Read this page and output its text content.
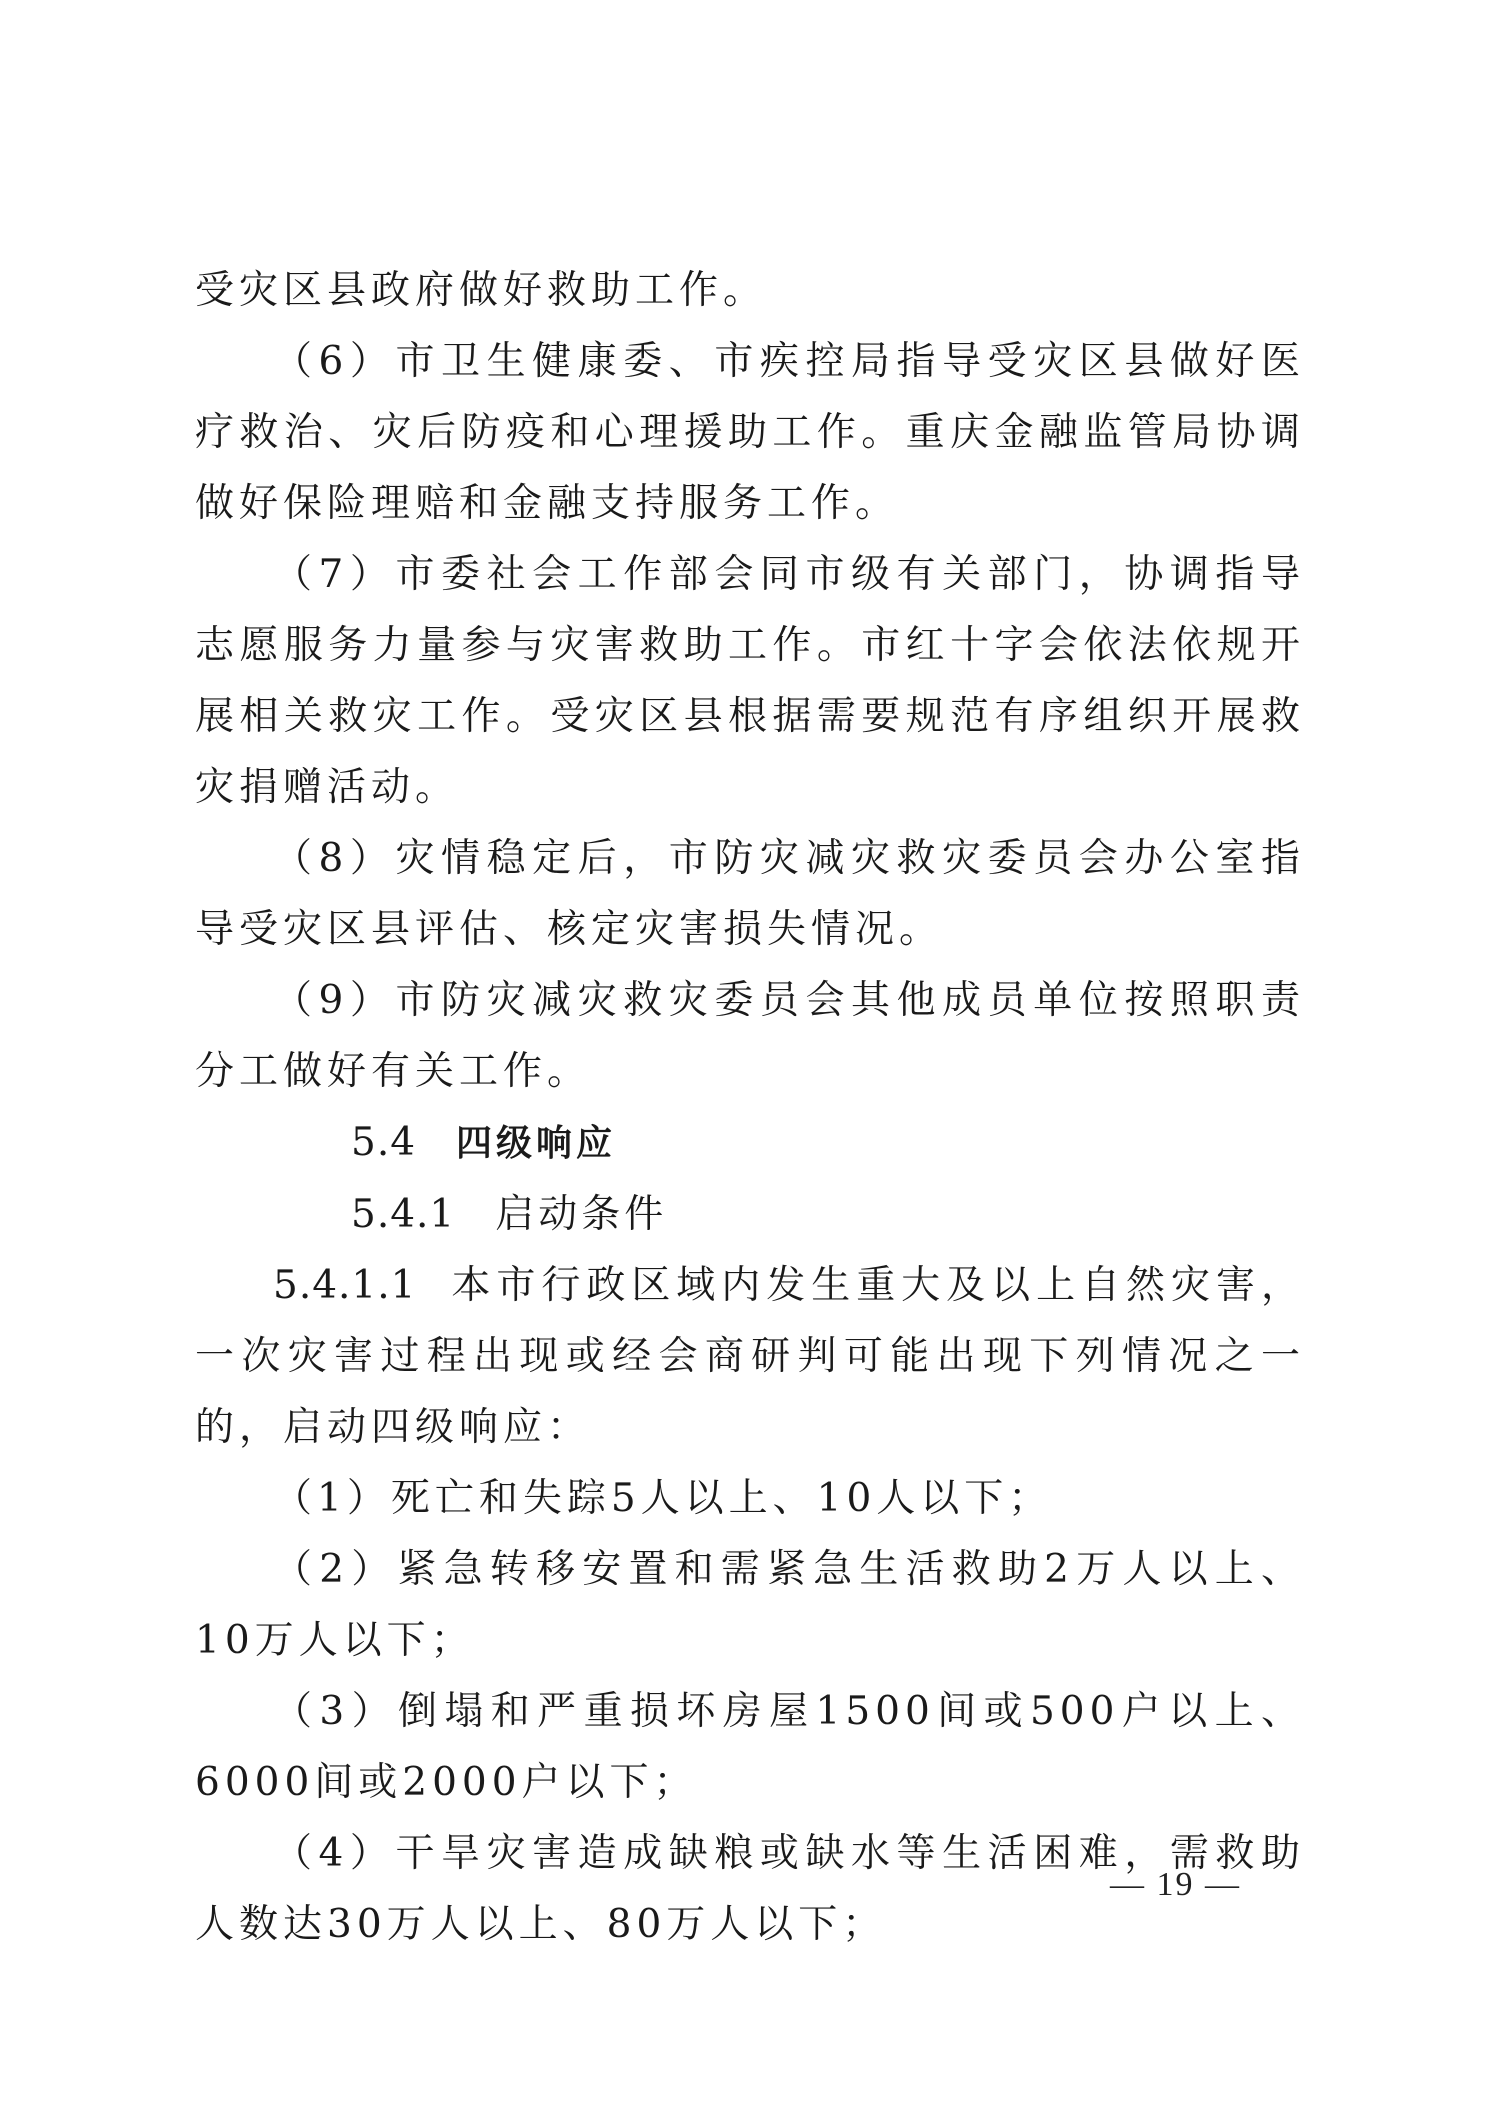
受灾区县政府做好救助工作。

（6）市卫生健康委、市疾控局指导受灾区县做好医疗救治、灾后防疫和心理援助工作。重庆金融监管局协调做好保险理赔和金融支持服务工作。

（7）市委社会工作部会同市级有关部门，协调指导志愿服务力量参与灾害救助工作。市红十字会依法依规开展相关救灾工作。受灾区县根据需要规范有序组织开展救灾捐赠活动。

（8）灾情稳定后，市防灾减灾救灾委员会办公室指导受灾区县评估、核定灾害损失情况。

（9）市防灾减灾救灾委员会其他成员单位按照职责分工做好有关工作。

5.4 四级响应

5.4.1 启动条件

5.4.1.1 本市行政区域内发生重大及以上自然灾害，一次灾害过程出现或经会商研判可能出现下列情况之一的，启动四级响应：

（1）死亡和失踪5人以上、10人以下；

（2）紧急转移安置和需紧急生活救助2万人以上、10万人以下；

（3）倒塌和严重损坏房屋1500间或500户以上、6000间或2000户以下；

（4）干旱灾害造成缺粮或缺水等生活困难，需救助人数达30万人以上、80万人以下；

— 19 —
